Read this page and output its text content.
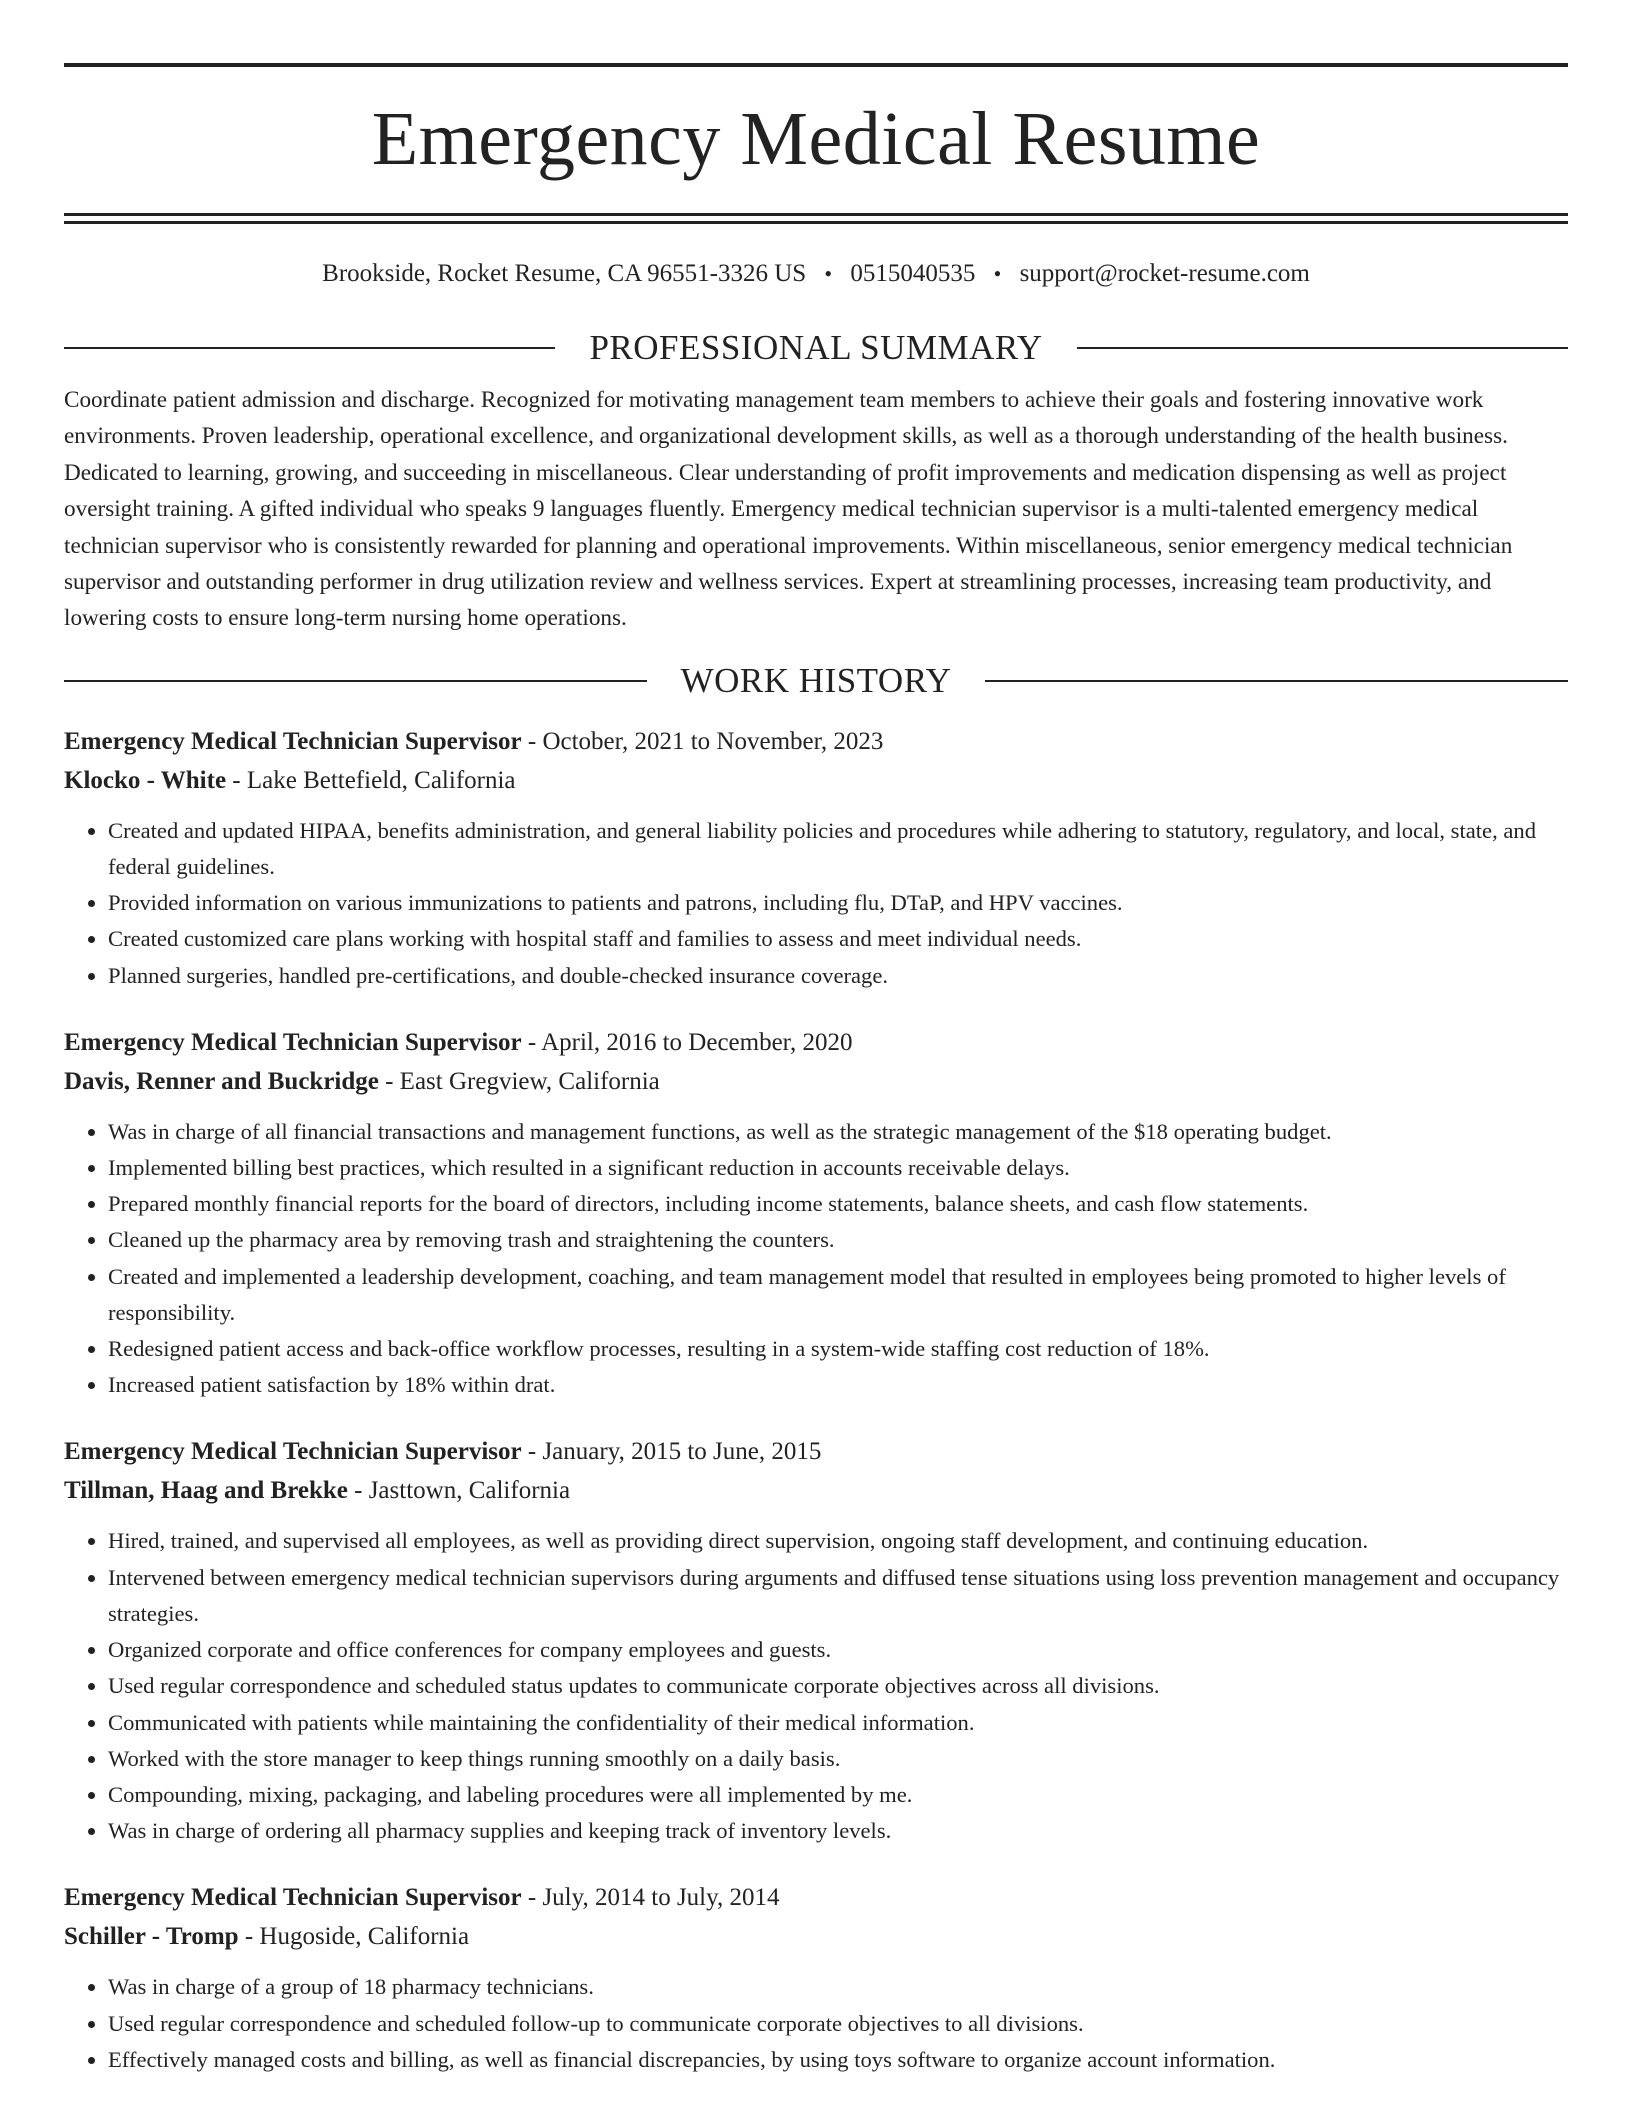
Emergency Medical Resume
Brookside, Rocket Resume, CA 96551-3326 US • 0515040535 • support@rocket-resume.com
PROFESSIONAL SUMMARY
Coordinate patient admission and discharge. Recognized for motivating management team members to achieve their goals and fostering innovative work environments. Proven leadership, operational excellence, and organizational development skills, as well as a thorough understanding of the health business. Dedicated to learning, growing, and succeeding in miscellaneous. Clear understanding of profit improvements and medication dispensing as well as project oversight training. A gifted individual who speaks 9 languages fluently. Emergency medical technician supervisor is a multi-talented emergency medical technician supervisor who is consistently rewarded for planning and operational improvements. Within miscellaneous, senior emergency medical technician supervisor and outstanding performer in drug utilization review and wellness services. Expert at streamlining processes, increasing team productivity, and lowering costs to ensure long-term nursing home operations.
WORK HISTORY
Emergency Medical Technician Supervisor - October, 2021 to November, 2023
Klocko - White - Lake Bettefield, California
• Created and updated HIPAA, benefits administration, and general liability policies and procedures while adhering to statutory, regulatory, and local, state, and federal guidelines.
• Provided information on various immunizations to patients and patrons, including flu, DTaP, and HPV vaccines.
• Created customized care plans working with hospital staff and families to assess and meet individual needs.
• Planned surgeries, handled pre-certifications, and double-checked insurance coverage.
Emergency Medical Technician Supervisor - April, 2016 to December, 2020
Davis, Renner and Buckridge - East Gregview, California
• Was in charge of all financial transactions and management functions, as well as the strategic management of the $18 operating budget.
• Implemented billing best practices, which resulted in a significant reduction in accounts receivable delays.
• Prepared monthly financial reports for the board of directors, including income statements, balance sheets, and cash flow statements.
• Cleaned up the pharmacy area by removing trash and straightening the counters.
• Created and implemented a leadership development, coaching, and team management model that resulted in employees being promoted to higher levels of responsibility.
• Redesigned patient access and back-office workflow processes, resulting in a system-wide staffing cost reduction of 18%.
• Increased patient satisfaction by 18% within drat.
Emergency Medical Technician Supervisor - January, 2015 to June, 2015
Tillman, Haag and Brekke - Jasttown, California
• Hired, trained, and supervised all employees, as well as providing direct supervision, ongoing staff development, and continuing education.
• Intervened between emergency medical technician supervisors during arguments and diffused tense situations using loss prevention management and occupancy strategies.
• Organized corporate and office conferences for company employees and guests.
• Used regular correspondence and scheduled status updates to communicate corporate objectives across all divisions.
• Communicated with patients while maintaining the confidentiality of their medical information.
• Worked with the store manager to keep things running smoothly on a daily basis.
• Compounding, mixing, packaging, and labeling procedures were all implemented by me.
• Was in charge of ordering all pharmacy supplies and keeping track of inventory levels.
Emergency Medical Technician Supervisor - July, 2014 to July, 2014
Schiller - Tromp - Hugoside, California
• Was in charge of a group of 18 pharmacy technicians.
• Used regular correspondence and scheduled follow-up to communicate corporate objectives to all divisions.
• Effectively managed costs and billing, as well as financial discrepancies, by using toys software to organize account information.
